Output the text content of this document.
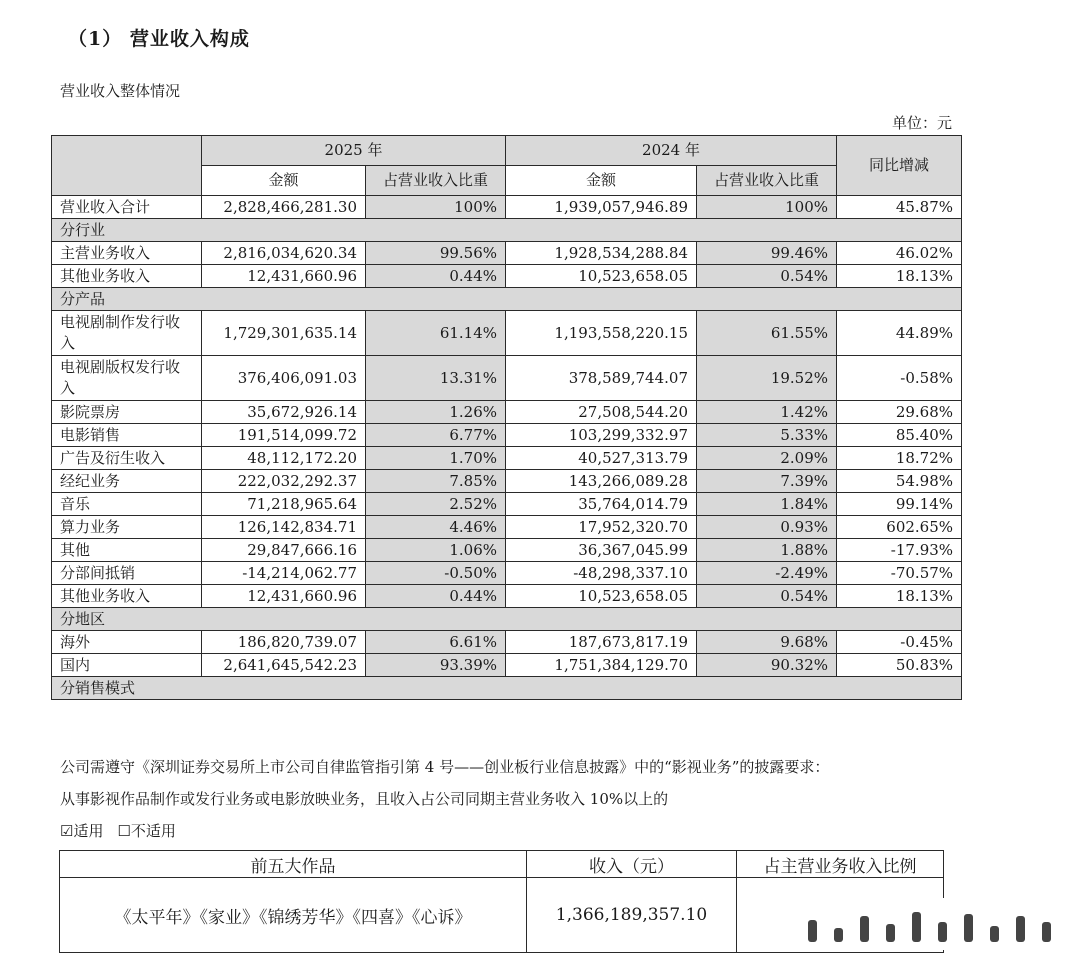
（1） 营业收入构成
营业收入整体情况
单位：元
	2025 年		2024 年		同比增减
	金额	占营业收入比重	金额	占营业收入比重	
营业收入合计	2,828,466,281.30	100%	1,939,057,946.89	100%	45.87%
分行业					
主营业务收入	2,816,034,620.34	99.56%	1,928,534,288.84	99.46%	46.02%
其他业务收入	12,431,660.96	0.44%	10,523,658.05	0.54%	18.13%
分产品					
电视剧制作发行收入	1,729,301,635.14	61.14%	1,193,558,220.15	61.55%	44.89%
电视剧版权发行收入	376,406,091.03	13.31%	378,589,744.07	19.52%	-0.58%
影院票房	35,672,926.14	1.26%	27,508,544.20	1.42%	29.68%
电影销售	191,514,099.72	6.77%	103,299,332.97	5.33%	85.40%
广告及衍生收入	48,112,172.20	1.70%	40,527,313.79	2.09%	18.72%
经纪业务	222,032,292.37	7.85%	143,266,089.28	7.39%	54.98%
音乐	71,218,965.64	2.52%	35,764,014.79	1.84%	99.14%
算力业务	126,142,834.71	4.46%	17,952,320.70	0.93%	602.65%
其他	29,847,666.16	1.06%	36,367,045.99	1.88%	-17.93%
分部间抵销	-14,214,062.77	-0.50%	-48,298,337.10	-2.49%	-70.57%
其他业务收入	12,431,660.96	0.44%	10,523,658.05	0.54%	18.13%
分地区					
海外	186,820,739.07	6.61%	187,673,817.19	9.68%	-0.45%
国内	2,641,645,542.23	93.39%	1,751,384,129.70	90.32%	50.83%
分销售模式					
公司需遵守《深圳证券交易所上市公司自律监管指引第 4 号——创业板行业信息披露》中的“影视业务”的披露要求：
从事影视作品制作或发行业务或电影放映业务，且收入占公司同期主营业务收入 10%以上的
☑适用 ☐不适用
前五大作品	收入（元）	占主营业务收入比例
《太平年》《家业》《锦绣芳华》《四喜》《心诉》	1,366,189,357.10	
